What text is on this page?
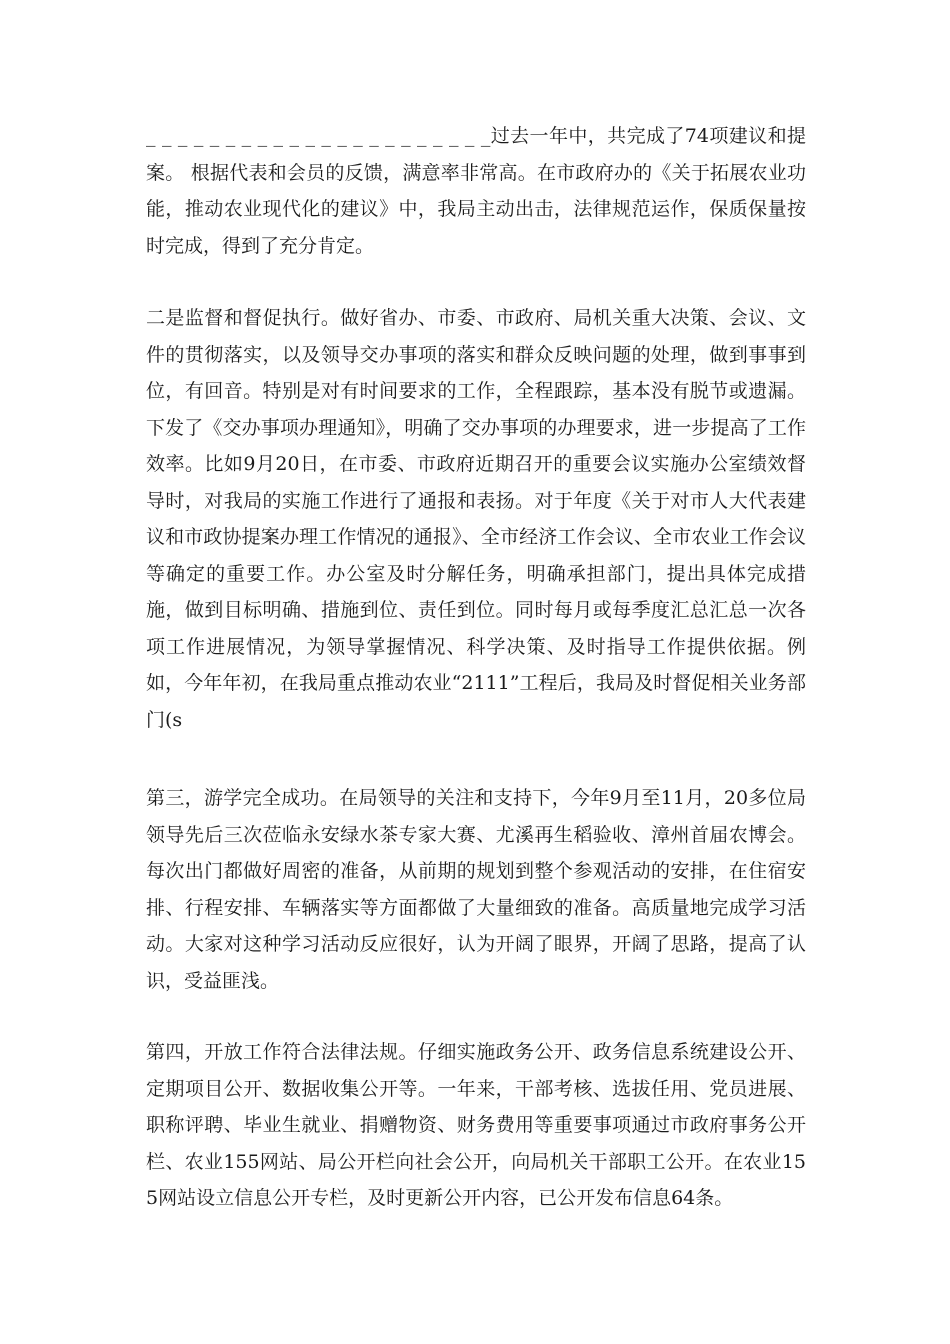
_ _ _ _ _ _ _ _ _ _ _ _ _ _ _ _ _ _ _ _ _ _过去一年中，共完成了74项建议和提案。 根据代表和会员的反馈，满意率非常高。在市政府办的《关于拓展农业功能，推动农业现代化的建议》中，我局主动出击，法律规范运作，保质保量按时完成，得到了充分肯定。

二是监督和督促执行。做好省办、市委、市政府、局机关重大决策、会议、文件的贯彻落实，以及领导交办事项的落实和群众反映问题的处理，做到事事到位，有回音。特别是对有时间要求的工作，全程跟踪，基本没有脱节或遗漏。下发了《交办事项办理通知》，明确了交办事项的办理要求，进一步提高了工作效率。比如9月20日，在市委、市政府近期召开的重要会议实施办公室绩效督导时，对我局的实施工作进行了通报和表扬。对于年度《关于对市人大代表建议和市政协提案办理工作情况的通报》、全市经济工作会议、全市农业工作会议等确定的重要工作。办公室及时分解任务，明确承担部门，提出具体完成措施，做到目标明确、措施到位、责任到位。同时每月或每季度汇总汇总一次各项工作进展情况，为领导掌握情况、科学决策、及时指导工作提供依据。例如，今年年初，在我局重点推动农业“2111”工程后，我局及时督促相关业务部门(s

第三，游学完全成功。在局领导的关注和支持下，今年9月至11月，20多位局领导先后三次莅临永安绿水茶专家大赛、尤溪再生稻验收、漳州首届农博会。每次出门都做好周密的准备，从前期的规划到整个参观活动的安排，在住宿安排、行程安排、车辆落实等方面都做了大量细致的准备。高质量地完成学习活动。大家对这种学习活动反应很好，认为开阔了眼界，开阔了思路，提高了认识，受益匪浅。

第四，开放工作符合法律法规。仔细实施政务公开、政务信息系统建设公开、定期项目公开、数据收集公开等。一年来，干部考核、选拔任用、党员进展、职称评聘、毕业生就业、捐赠物资、财务费用等重要事项通过市政府事务公开栏、农业155网站、局公开栏向社会公开，向局机关干部职工公开。在农业155网站设立信息公开专栏，及时更新公开内容，已公开发布信息64条。
